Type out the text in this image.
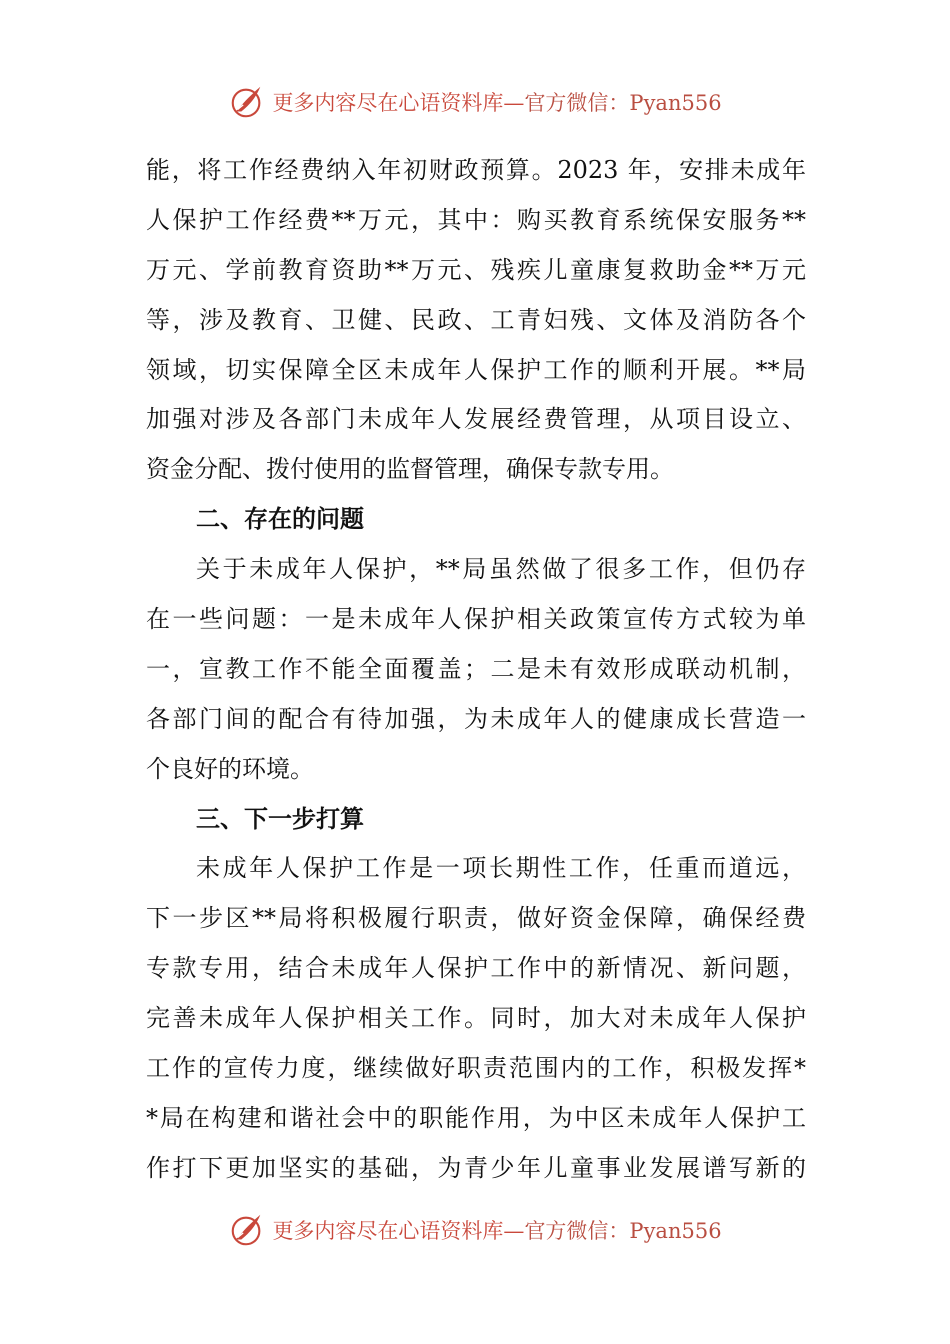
更多内容尽在心语资料库—官方微信：Pyan556
能，将工作经费纳入年初财政预算。2023 年，安排未成年
人保护工作经费**万元，其中：购买教育系统保安服务**
万元、学前教育资助**万元、残疾儿童康复救助金**万元
等，涉及教育、卫健、民政、工青妇残、文体及消防各个
领域，切实保障全区未成年人保护工作的顺利开展。**局
加强对涉及各部门未成年人发展经费管理，从项目设立、
资金分配、拨付使用的监督管理，确保专款专用。
二、存在的问题
关于未成年人保护，**局虽然做了很多工作，但仍存
在一些问题：一是未成年人保护相关政策宣传方式较为单
一，宣教工作不能全面覆盖；二是未有效形成联动机制，
各部门间的配合有待加强，为未成年人的健康成长营造一
个良好的环境。
三、下一步打算
未成年人保护工作是一项长期性工作，任重而道远，
下一步区**局将积极履行职责，做好资金保障，确保经费
专款专用，结合未成年人保护工作中的新情况、新问题，
完善未成年人保护相关工作。同时，加大对未成年人保护
工作的宣传力度，继续做好职责范围内的工作，积极发挥*
*局在构建和谐社会中的职能作用，为中区未成年人保护工
作打下更加坚实的基础，为青少年儿童事业发展谱写新的
更多内容尽在心语资料库—官方微信：Pyan556
